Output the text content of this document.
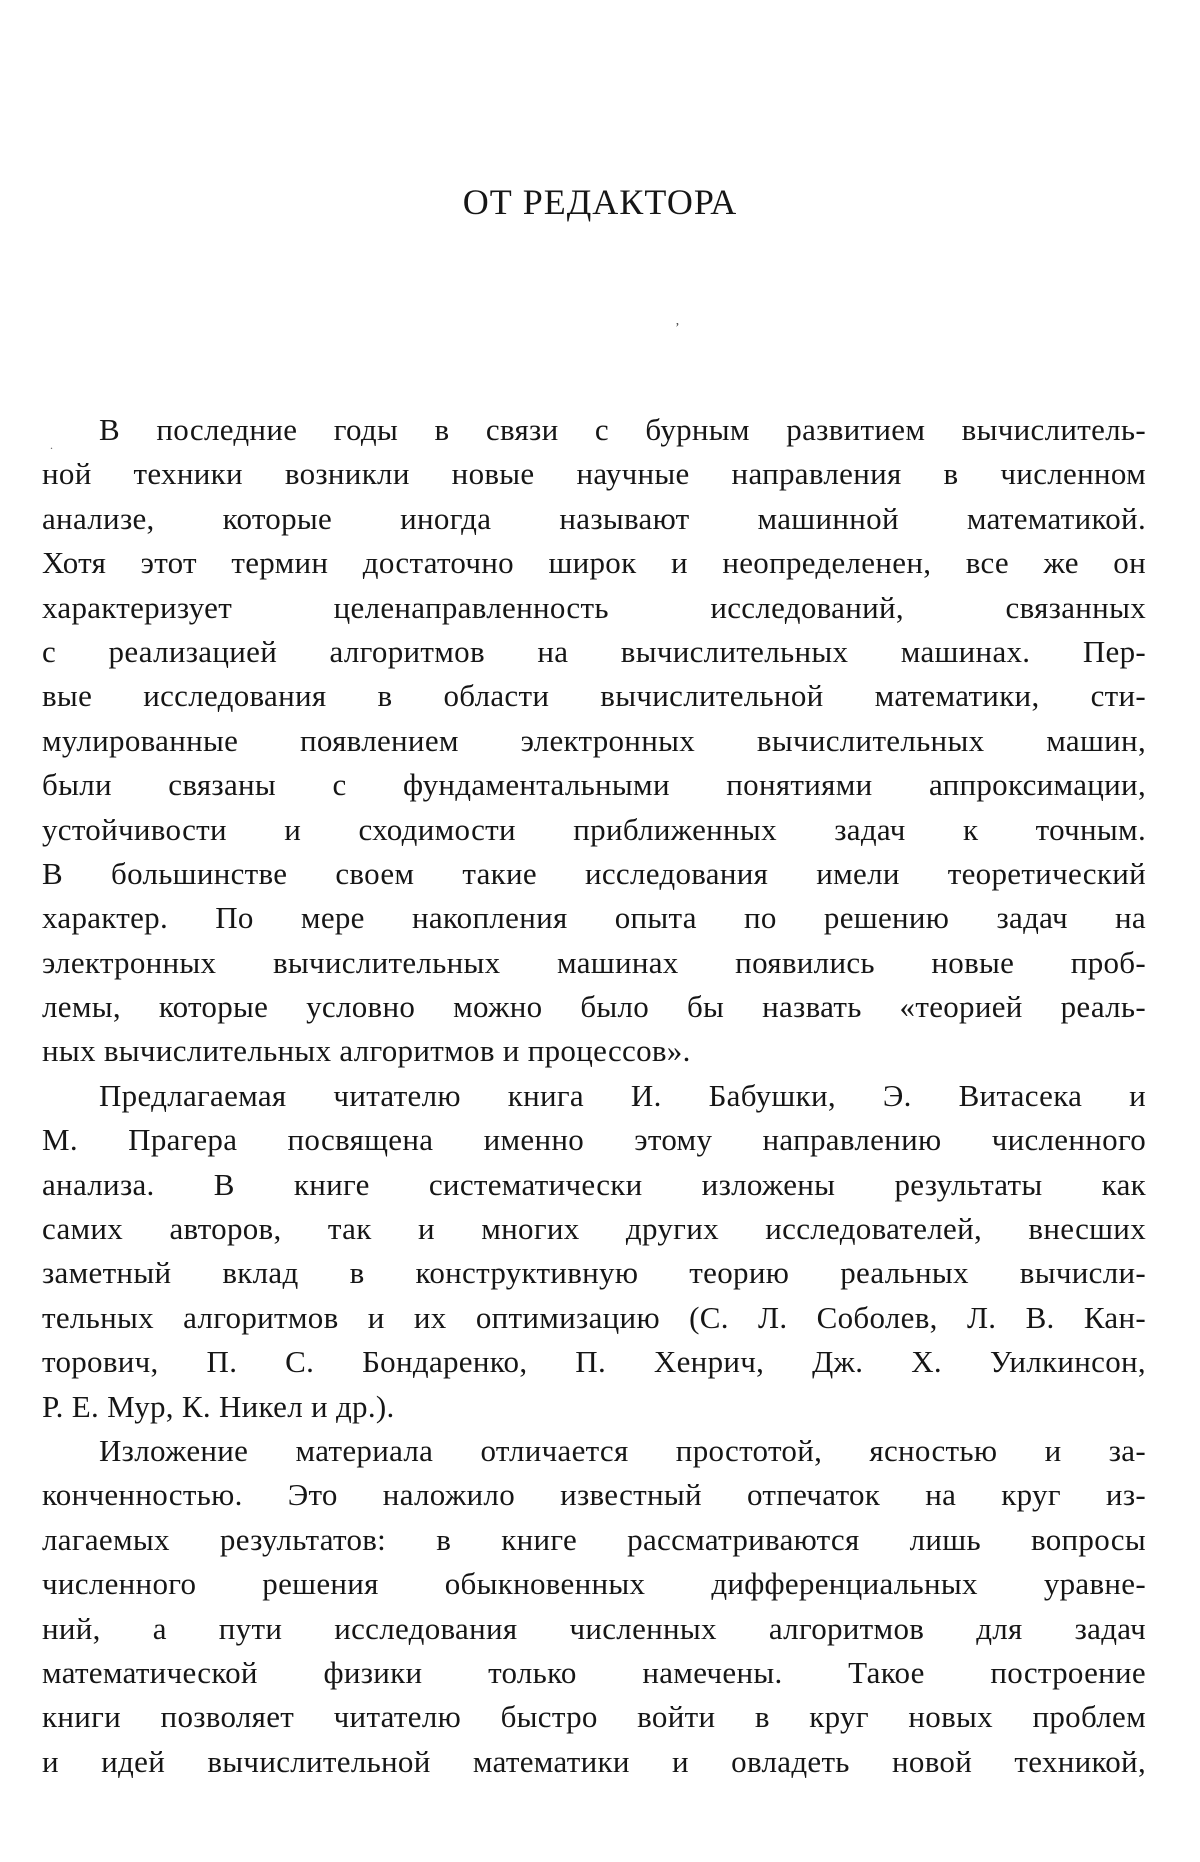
ОТ РЕДАКТОРА
ʼ
.	В последние годы в связи с бурным развитием вычислитель-
ной техники возникли новые научные направления в численном
анализе, которые иногда называют машинной математикой.
Хотя этот термин достаточно широк и неопределенен, все же он
характеризует целенаправленность исследований, связанных
с реализацией алгоритмов на вычислительных машинах. Пер-
вые исследования в области вычислительной математики, сти-
мулированные появлением электронных вычислительных машин,
были связаны с фундаментальными понятиями аппроксимации,
устойчивости и сходимости приближенных задач к точным.
В большинстве своем такие исследования имели теоретический
характер. По мере накопления опыта по решению задач на
электронных вычислительных машинах появились новые проб-
лемы, которые условно можно было бы назвать «теорией реаль-
ных вычислительных алгоритмов и процессов».
Предлагаемая читателю книга И. Бабушки, Э. Витасека и
М. Прагера посвящена именно этому направлению численного
анализа. В книге систематически изложены результаты как
самих авторов, так и многих других исследователей, внесших
заметный вклад в конструктивную теорию реальных вычисли-
тельных алгоритмов и их оптимизацию (С. Л. Соболев, Л. В. Кан-
торович, П. С. Бондаренко, П. Хенрич, Дж. Х. Уилкинсон,
Р. Е. Мур, К. Никел и др.).
Изложение материала отличается простотой, ясностью и за-
конченностью. Это наложило известный отпечаток на круг из-
лагаемых результатов: в книге рассматриваются лишь вопросы
численного решения обыкновенных дифференциальных уравне-
ний, а пути исследования численных алгоритмов для задач
математической физики только намечены. Такое построение
книги позволяет читателю быстро войти в круг новых проблем
и идей вычислительной математики и овладеть новой техникой,
